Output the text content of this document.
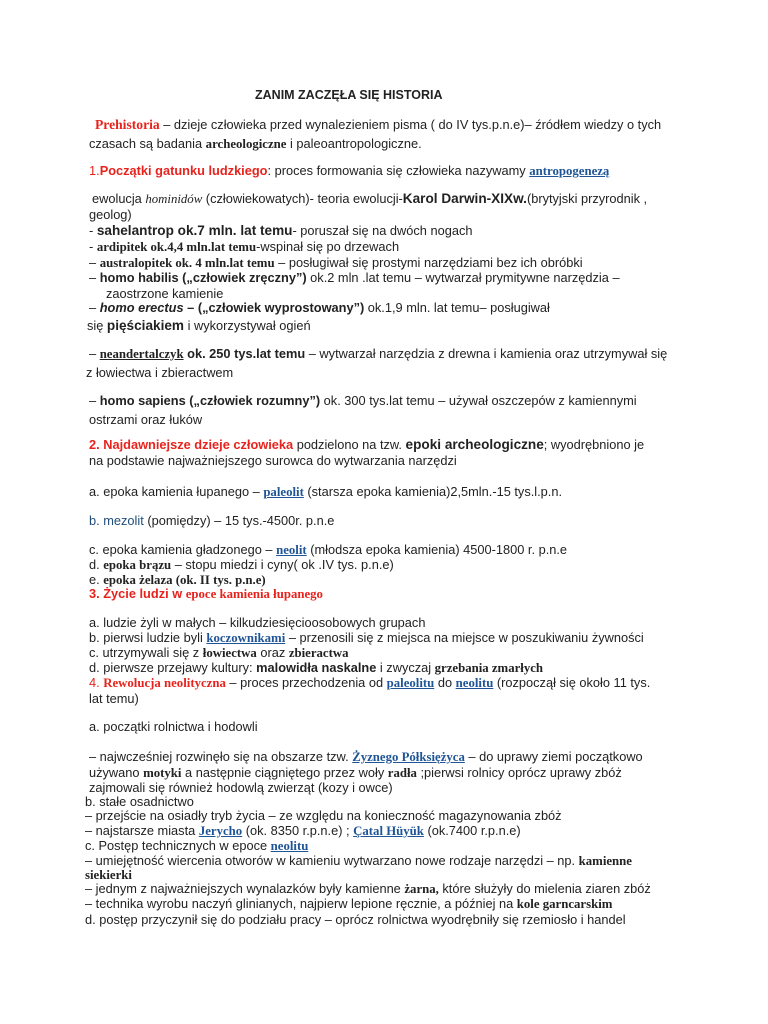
ZANIM ZACZĘŁA SIĘ HISTORIA
Prehistoria – dzieje człowieka przed wynalezieniem pisma ( do IV tys.p.n.e)– źródłem wiedzy o tych
czasach są badania archeologiczne i paleoantropologiczne.
1.Początki gatunku ludzkiego: proces formowania się człowieka nazywamy antropogenezą
ewolucja hominidów (człowiekowatych)- teoria ewolucji-Karol Darwin-XIXw.(brytyjski przyrodnik ,
geolog)
- sahelantrop ok.7 mln. lat temu- poruszał się na dwóch nogach
- ardipitek ok.4,4 mln.lat temu-wspinał się po drzewach
– australopitek ok. 4 mln.lat temu – posługiwał się prostymi narzędziami bez ich obróbki
– homo habilis („człowiek zręczny”) ok.2 mln .lat temu – wytwarzał prymitywne narzędzia –
zaostrzone kamienie
– homo erectus – („człowiek wyprostowany”) ok.1,9 mln. lat temu– posługiwał
się pięściakiem i wykorzystywał ogień
– neandertalczyk ok. 250 tys.lat temu – wytwarzał narzędzia z drewna i kamienia oraz utrzymywał się
z łowiectwa i zbieractwem
– homo sapiens („człowiek rozumny”) ok. 300 tys.lat temu – używał oszczepów z kamiennymi
ostrzami oraz łuków
2. Najdawniejsze dzieje człowieka podzielono na tzw. epoki archeologiczne; wyodrębniono je
na podstawie najważniejszego surowca do wytwarzania narzędzi
a. epoka kamienia łupanego – paleolit (starsza epoka kamienia)2,5mln.-15 tys.l.p.n.
b. mezolit (pomiędzy) – 15 tys.-4500r. p.n.e
c. epoka kamienia gładzonego – neolit (młodsza epoka kamienia) 4500-1800 r. p.n.e
d. epoka brązu – stopu miedzi i cyny( ok .IV tys. p.n.e)
e. epoka żelaza (ok. II tys. p.n.e)
3. Życie ludzi w epoce kamienia łupanego
a. ludzie żyli w małych – kilkudziesięcioosobowych grupach
b. pierwsi ludzie byli koczownikami – przenosili się z miejsca na miejsce w poszukiwaniu żywności
c. utrzymywali się z łowiectwa oraz zbieractwa
d. pierwsze przejawy kultury: malowidła naskalne i zwyczaj grzebania zmarłych
4. Rewolucja neolityczna – proces przechodzenia od paleolitu do neolitu (rozpoczął się około 11 tys.
lat temu)
a. początki rolnictwa i hodowli
– najwcześniej rozwinęło się na obszarze tzw. Żyznego Półksiężyca – do uprawy ziemi początkowo
używano motyki a następnie ciągniętego przez woły radła ;pierwsi rolnicy oprócz uprawy zbóż
zajmowali się również hodowlą zwierząt (kozy i owce)
b. stałe osadnictwo
– przejście na osiadły tryb życia – ze względu na konieczność magazynowania zbóż
– najstarsze miasta Jerycho (ok. 8350 r.p.n.e) ; Çatal Hüyük (ok.7400 r.p.n.e)
c. Postęp technicznych w epoce neolitu
– umiejętność wiercenia otworów w kamieniu wytwarzano nowe rodzaje narzędzi – np. kamienne
siekierki
– jednym z najważniejszych wynalazków były kamienne żarna, które służyły do mielenia ziaren zbóż
– technika wyrobu naczyń glinianych, najpierw lepione ręcznie, a później na kole garncarskim
d. postęp przyczynił się do podziału pracy – oprócz rolnictwa wyodrębniły się rzemiosło i handel
